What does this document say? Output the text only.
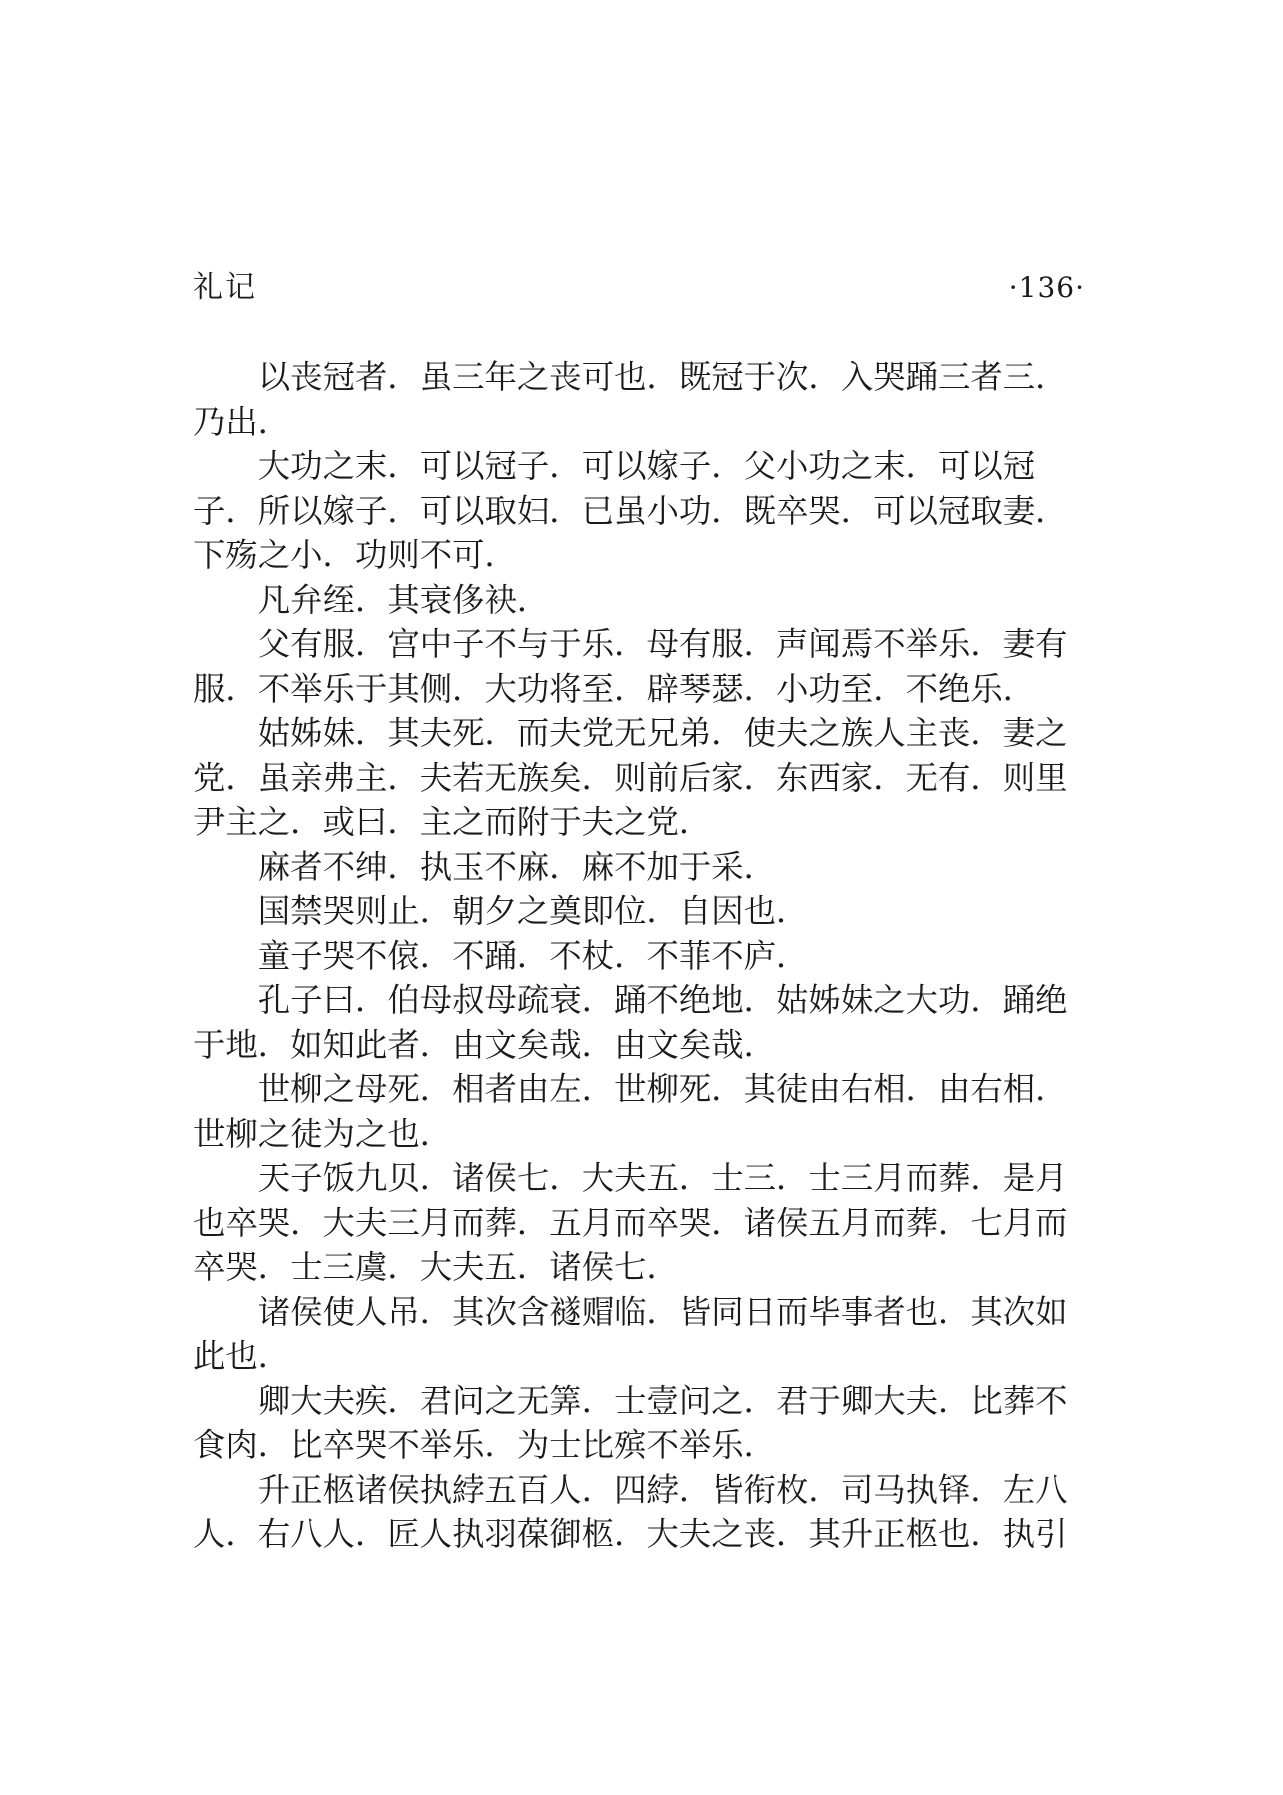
礼记	·136·

以丧冠者．虽三年之丧可也．既冠于次．入哭踊三者三．乃出．

大功之末．可以冠子．可以嫁子．父小功之末．可以冠子．所以嫁子．可以取妇．已虽小功．既卒哭．可以冠取妻．下殇之小．功则不可．

凡弁绖．其衰侈袂．

父有服．宫中子不与于乐．母有服．声闻焉不举乐．妻有服．不举乐于其侧．大功将至．辟琴瑟．小功至．不绝乐．

姑姊妹．其夫死．而夫党无兄弟．使夫之族人主丧．妻之党．虽亲弗主．夫若无族矣．则前后家．东西家．无有．则里尹主之．或曰．主之而附于夫之党．

麻者不绅．执玉不麻．麻不加于采．

国禁哭则止．朝夕之奠即位．自因也．

童子哭不偯．不踊．不杖．不菲不庐．

孔子曰．伯母叔母疏衰．踊不绝地．姑姊妹之大功．踊绝于地．如知此者．由文矣哉．由文矣哉．

世柳之母死．相者由左．世柳死．其徒由右相．由右相．世柳之徒为之也．

天子饭九贝．诸侯七．大夫五．士三．士三月而葬．是月也卒哭．大夫三月而葬．五月而卒哭．诸侯五月而葬．七月而卒哭．士三虞．大夫五．诸侯七．

诸侯使人吊．其次含襚赗临．皆同日而毕事者也．其次如此也．

卿大夫疾．君问之无筭．士壹问之．君于卿大夫．比葬不食肉．比卒哭不举乐．为士比殡不举乐．

升正柩诸侯执綍五百人．四綍．皆衔枚．司马执铎．左八人．右八人．匠人执羽葆御柩．大夫之丧．其升正柩也．执引
